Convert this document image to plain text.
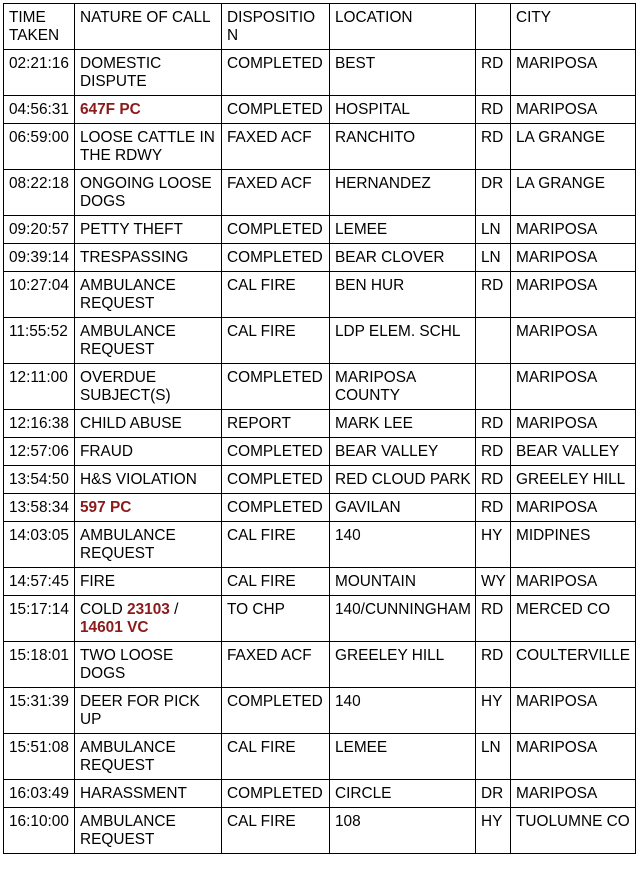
TIME TAKEN	NATURE OF CALL	DISPOSITION	LOCATION		CITY
02:21:16	DOMESTIC DISPUTE	COMPLETED	BEST	RD	MARIPOSA
04:56:31	647F PC	COMPLETED	HOSPITAL	RD	MARIPOSA
06:59:00	LOOSE CATTLE IN THE RDWY	FAXED ACF	RANCHITO	RD	LA GRANGE
08:22:18	ONGOING LOOSE DOGS	FAXED ACF	HERNANDEZ	DR	LA GRANGE
09:20:57	PETTY THEFT	COMPLETED	LEMEE	LN	MARIPOSA
09:39:14	TRESPASSING	COMPLETED	BEAR CLOVER	LN	MARIPOSA
10:27:04	AMBULANCE REQUEST	CAL FIRE	BEN HUR	RD	MARIPOSA
11:55:52	AMBULANCE REQUEST	CAL FIRE	LDP ELEM. SCHL		MARIPOSA
12:11:00	OVERDUE SUBJECT(S)	COMPLETED	MARIPOSA COUNTY		MARIPOSA
12:16:38	CHILD ABUSE	REPORT	MARK LEE	RD	MARIPOSA
12:57:06	FRAUD	COMPLETED	BEAR VALLEY	RD	BEAR VALLEY
13:54:50	H&S VIOLATION	COMPLETED	RED CLOUD PARK	RD	GREELEY HILL
13:58:34	597 PC	COMPLETED	GAVILAN	RD	MARIPOSA
14:03:05	AMBULANCE REQUEST	CAL FIRE	140	HY	MIDPINES
14:57:45	FIRE	CAL FIRE	MOUNTAIN	WY	MARIPOSA
15:17:14	COLD 23103 / 14601 VC	TO CHP	140/CUNNINGHAM	RD	MERCED CO
15:18:01	TWO LOOSE DOGS	FAXED ACF	GREELEY HILL	RD	COULTERVILLE
15:31:39	DEER FOR PICK UP	COMPLETED	140	HY	MARIPOSA
15:51:08	AMBULANCE REQUEST	CAL FIRE	LEMEE	LN	MARIPOSA
16:03:49	HARASSMENT	COMPLETED	CIRCLE	DR	MARIPOSA
16:10:00	AMBULANCE REQUEST	CAL FIRE	108	HY	TUOLUMNE CO
